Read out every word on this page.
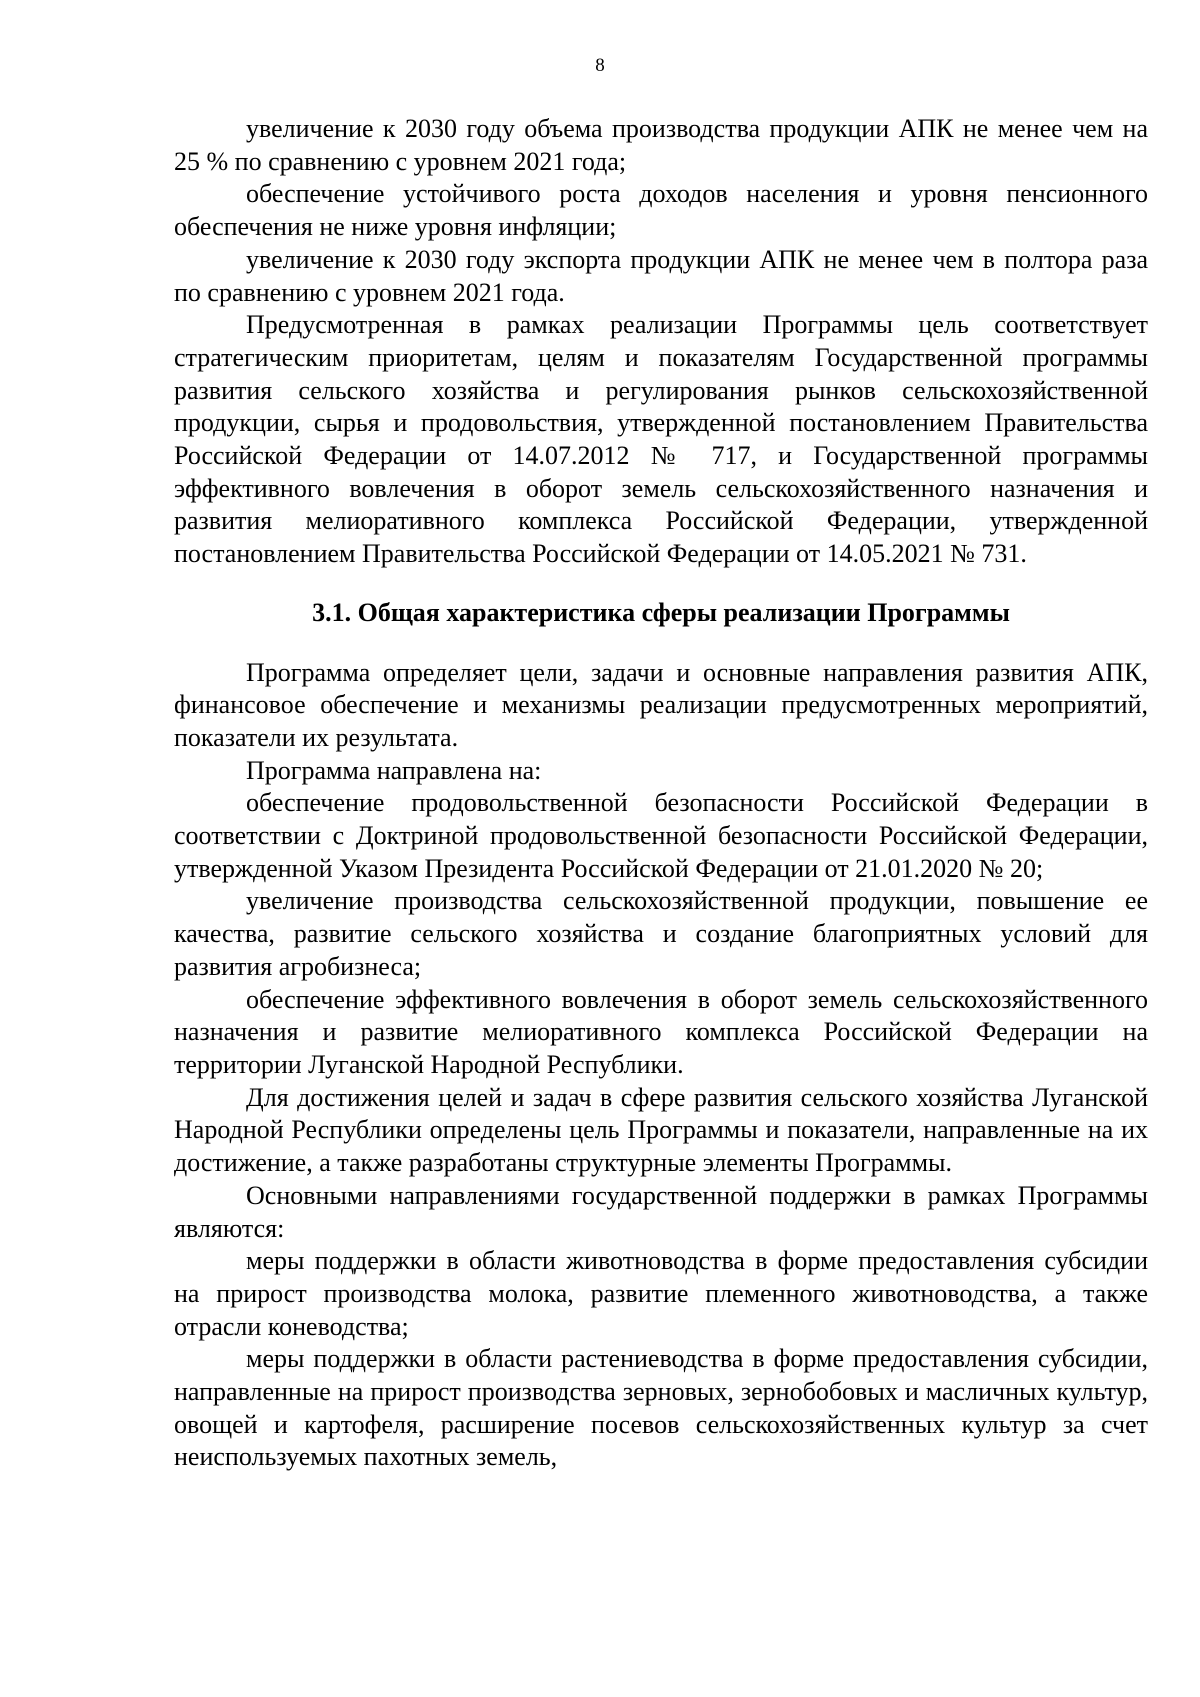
8

увеличение к 2030 году объема производства продукции АПК не менее чем на 25 % по сравнению с уровнем 2021 года;

обеспечение устойчивого роста доходов населения и уровня пенсионного обеспечения не ниже уровня инфляции;

увеличение к 2030 году экспорта продукции АПК не менее чем в полтора раза по сравнению с уровнем 2021 года.

Предусмотренная в рамках реализации Программы цель соответствует стратегическим приоритетам, целям и показателям Государственной программы развития сельского хозяйства и регулирования рынков сельскохозяйственной продукции, сырья и продовольствия, утвержденной постановлением Правительства Российской Федерации от 14.07.2012 № 717, и Государственной программы эффективного вовлечения в оборот земель сельскохозяйственного назначения и развития мелиоративного комплекса Российской Федерации, утвержденной постановлением Правительства Российской Федерации от 14.05.2021 № 731.

3.1. Общая характеристика сферы реализации Программы

Программа определяет цели, задачи и основные направления развития АПК, финансовое обеспечение и механизмы реализации предусмотренных мероприятий, показатели их результата.

Программа направлена на:

обеспечение продовольственной безопасности Российской Федерации в соответствии с Доктриной продовольственной безопасности Российской Федерации, утвержденной Указом Президента Российской Федерации от 21.01.2020 № 20;

увеличение производства сельскохозяйственной продукции, повышение ее качества, развитие сельского хозяйства и создание благоприятных условий для развития агробизнеса;

обеспечение эффективного вовлечения в оборот земель сельскохозяйственного назначения и развитие мелиоративного комплекса Российской Федерации на территории Луганской Народной Республики.

Для достижения целей и задач в сфере развития сельского хозяйства Луганской Народной Республики определены цель Программы и показатели, направленные на их достижение, а также разработаны структурные элементы Программы.

Основными направлениями государственной поддержки в рамках Программы являются:

меры поддержки в области животноводства в форме предоставления субсидии на прирост производства молока, развитие племенного животноводства, а также отрасли коневодства;

меры поддержки в области растениеводства в форме предоставления субсидии, направленные на прирост производства зерновых, зернобобовых и масличных культур, овощей и картофеля, расширение посевов сельскохозяйственных культур за счет неиспользуемых пахотных земель,
